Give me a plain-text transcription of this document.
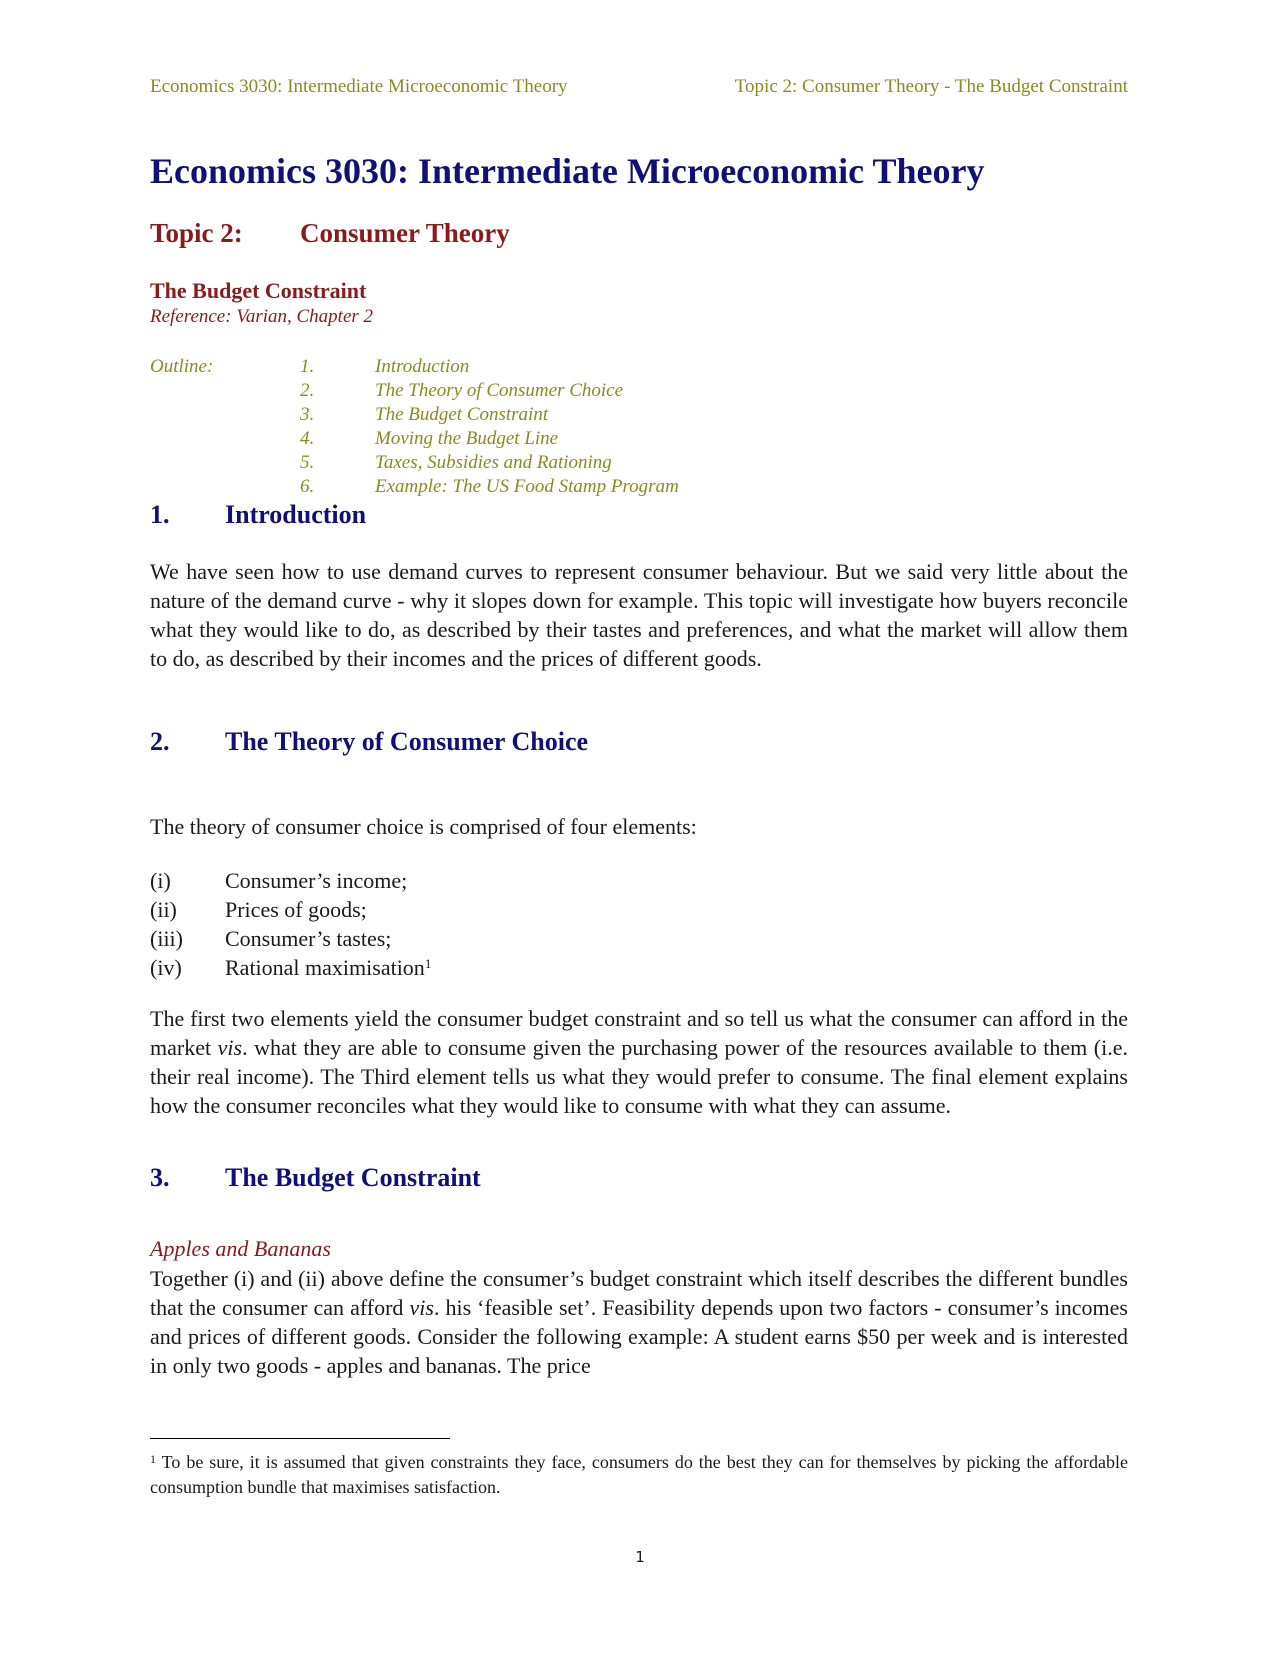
Economics 3030: Intermediate Microeconomic Theory	Topic 2: Consumer Theory - The Budget Constraint
Economics 3030: Intermediate Microeconomic Theory
Topic 2: Consumer Theory
The Budget Constraint
Reference: Varian, Chapter 2
Outline:	1.	Introduction
2.	The Theory of Consumer Choice
3.	The Budget Constraint
4.	Moving the Budget Line
5.	Taxes, Subsidies and Rationing
6.	Example: The US Food Stamp Program
1. Introduction

We have seen how to use demand curves to represent consumer behaviour. But we said very little about the nature of the demand curve - why it slopes down for example. This topic will investigate how buyers reconcile what they would like to do, as described by their tastes and preferences, and what the market will allow them to do, as described by their incomes and the prices of different goods.

2. The Theory of Consumer Choice

The theory of consumer choice is comprised of four elements:

(i) Consumer’s income;
(ii) Prices of goods;
(iii) Consumer’s tastes;
(iv) Rational maximisation$^1$

The first two elements yield the consumer budget constraint and so tell us what the consumer can afford in the market vis. what they are able to consume given the purchasing power of the resources available to them (i.e. their real income). The Third element tells us what they would prefer to consume. The final element explains how the consumer reconciles what they would like to consume with what they can assume.

3. The Budget Constraint
Apples and Bananas

Together (i) and (ii) above define the consumer’s budget constraint which itself describes the different bundles that the consumer can afford vis. his ‘feasible set’. Feasibility depends upon two factors - consumer’s incomes and prices of different goods. Consider the following example: A student earns $50 per week and is interested in only two goods - apples and bananas. The price

$^1$ To be sure, it is assumed that given constraints they face, consumers do the best they can for themselves by picking the affordable consumption bundle that maximises satisfaction.

1
